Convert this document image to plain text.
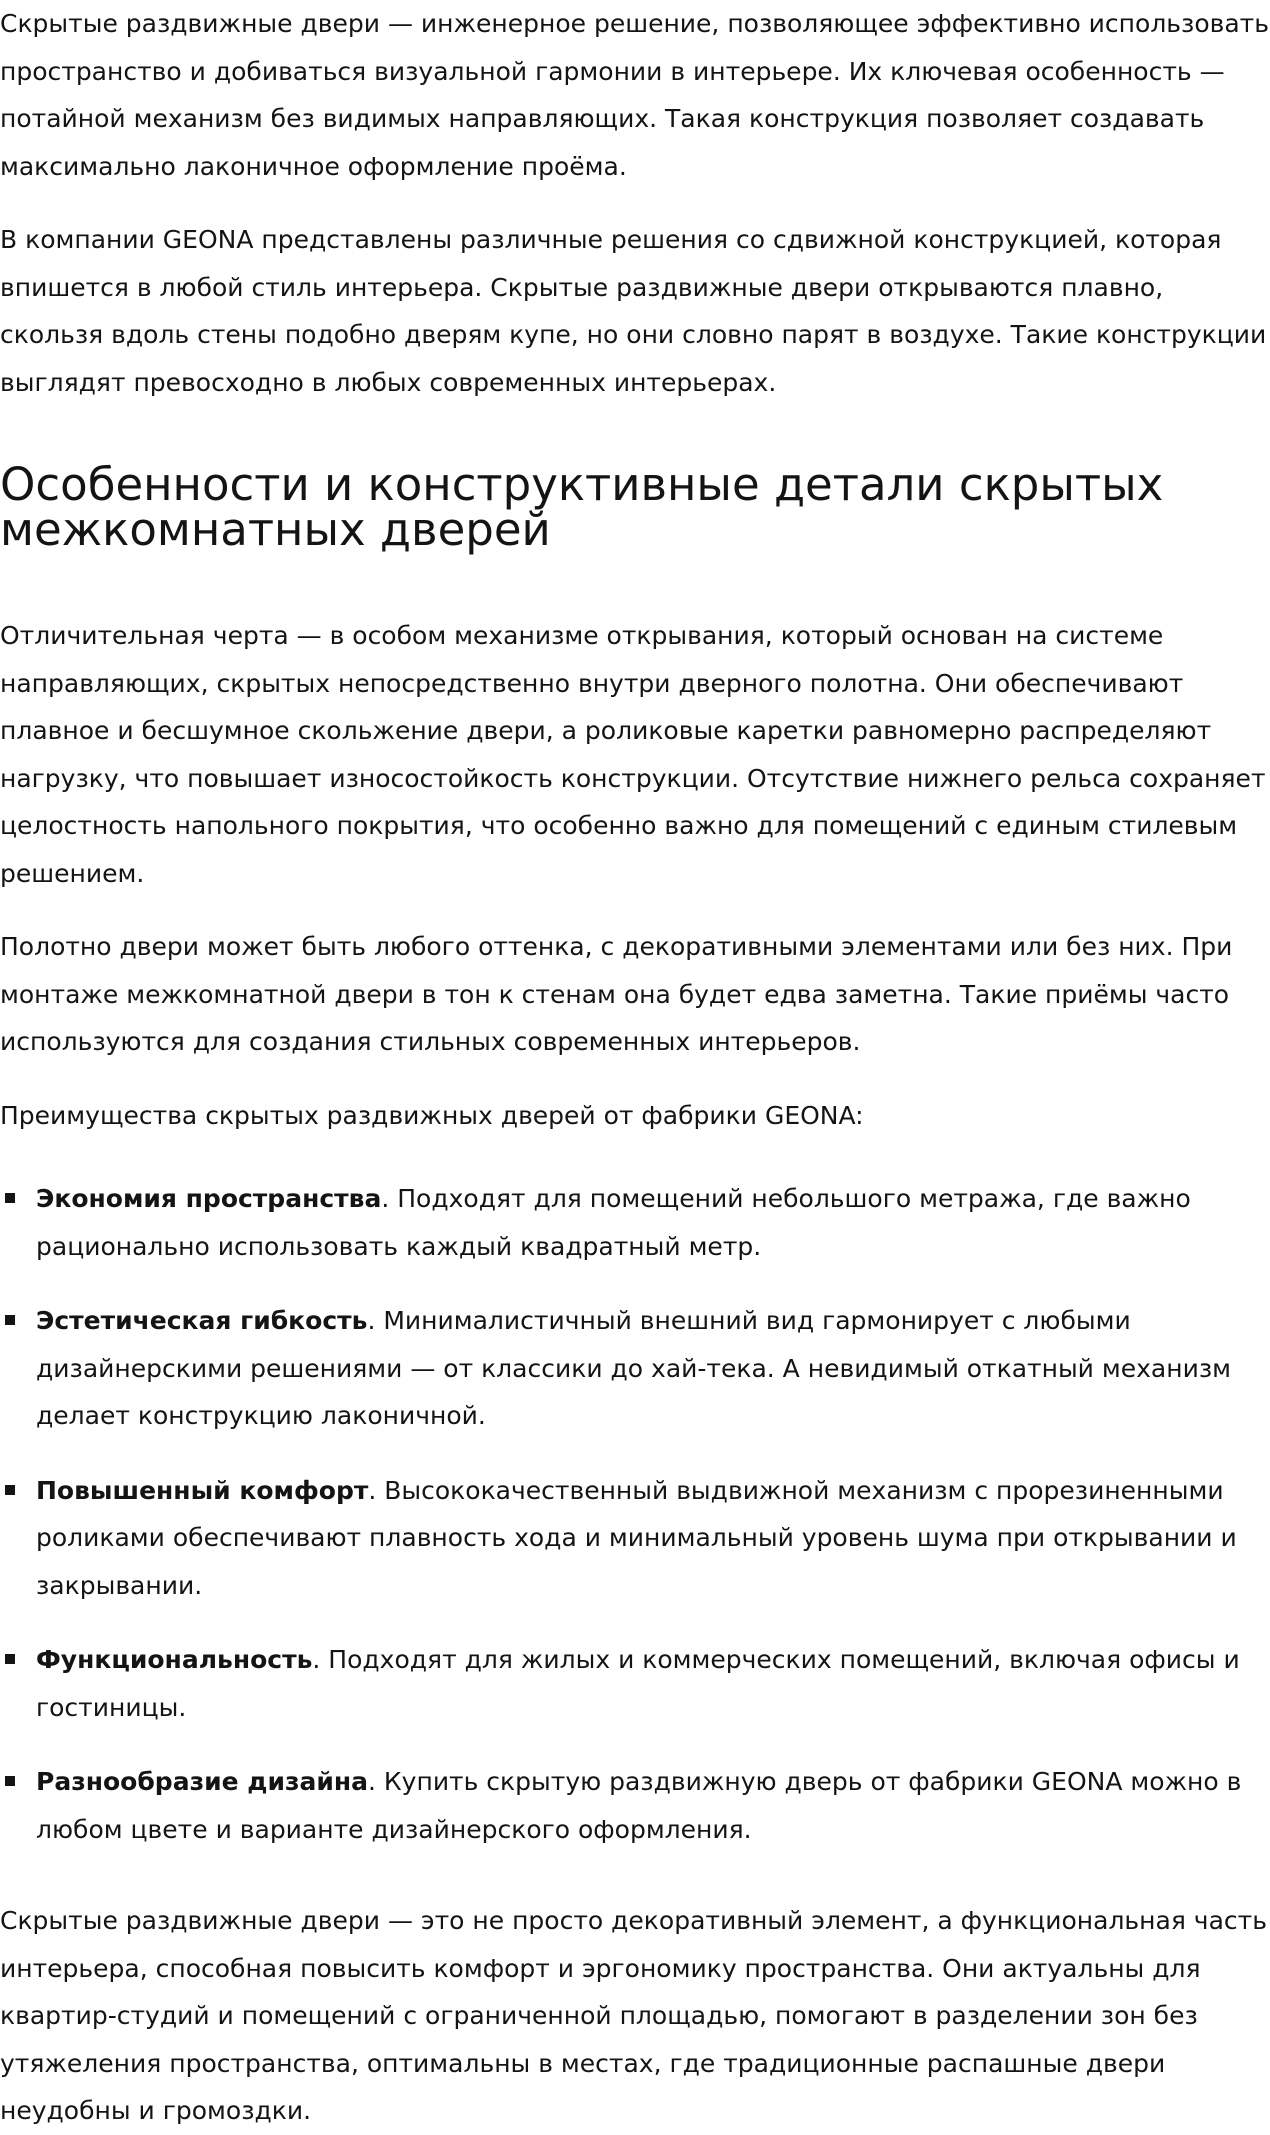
Скрытые раздвижные двери — инженерное решение, позволяющее эффективно использовать пространство и добиваться визуальной гармонии в интерьере. Их ключевая особенность — потайной механизм без видимых направляющих. Такая конструкция позволяет создавать максимально лаконичное оформление проёма.

В компании GEONA представлены различные решения со сдвижной конструкцией, которая впишется в любой стиль интерьера. Скрытые раздвижные двери открываются плавно, скользя вдоль стены подобно дверям купе, но они словно парят в воздухе. Такие конструкции выглядят превосходно в любых современных интерьерах.

Особенности и конструктивные детали скрытых межкомнатных дверей

Отличительная черта — в особом механизме открывания, который основан на системе направляющих, скрытых непосредственно внутри дверного полотна. Они обеспечивают плавное и бесшумное скольжение двери, а роликовые каретки равномерно распределяют нагрузку, что повышает износостойкость конструкции. Отсутствие нижнего рельса сохраняет целостность напольного покрытия, что особенно важно для помещений с единым стилевым решением.

Полотно двери может быть любого оттенка, с декоративными элементами или без них. При монтаже межкомнатной двери в тон к стенам она будет едва заметна. Такие приёмы часто используются для создания стильных современных интерьеров.

Преимущества скрытых раздвижных дверей от фабрики GEONA:

Экономия пространства. Подходят для помещений небольшого метража, где важно рационально использовать каждый квадратный метр.
Эстетическая гибкость. Минималистичный внешний вид гармонирует с любыми дизайнерскими решениями — от классики до хай-тека. А невидимый откатный механизм делает конструкцию лаконичной.
Повышенный комфорт. Высококачественный выдвижной механизм с прорезиненными роликами обеспечивают плавность хода и минимальный уровень шума при открывании и закрывании.
Функциональность. Подходят для жилых и коммерческих помещений, включая офисы и гостиницы.
Разнообразие дизайна. Купить скрытую раздвижную дверь от фабрики GEONA можно в любом цвете и варианте дизайнерского оформления.

Скрытые раздвижные двери — это не просто декоративный элемент, а функциональная часть интерьера, способная повысить комфорт и эргономику пространства. Они актуальны для квартир-студий и помещений с ограниченной площадью, помогают в разделении зон без утяжеления пространства, оптимальны в местах, где традиционные распашные двери неудобны и громоздки.
